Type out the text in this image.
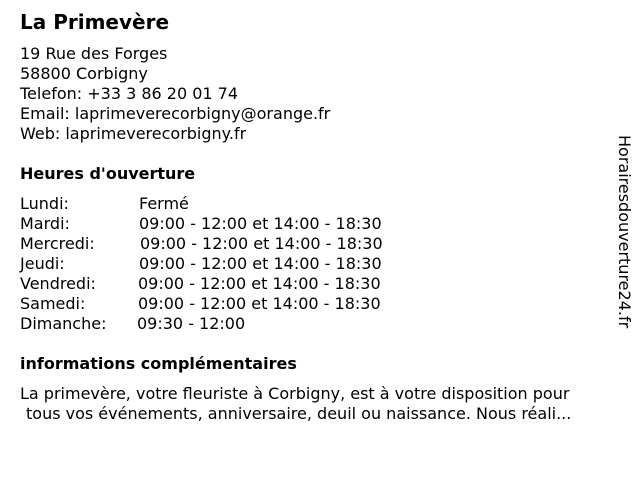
La Primevère
19 Rue des Forges
58800 Corbigny
Telefon: +33 3 86 20 01 74
Email: laprimeverecorbigny@orange.fr
Web: laprimeverecorbigny.fr
Heures d'ouverture
Lundi:	Fermé
Mardi:	09:00 - 12:00 et 14:00 - 18:30
Mercredi:	09:00 - 12:00 et 14:00 - 18:30
Jeudi:	09:00 - 12:00 et 14:00 - 18:30
Vendredi:	09:00 - 12:00 et 14:00 - 18:30
Samedi:	09:00 - 12:00 et 14:00 - 18:30
Dimanche: 09:30 - 12:00
informations complémentaires
La primevère, votre fleuriste à Corbigny, est à votre disposition pour
tous vos événements, anniversaire, deuil ou naissance. Nous réali...
Horairesdouverture24.fr
